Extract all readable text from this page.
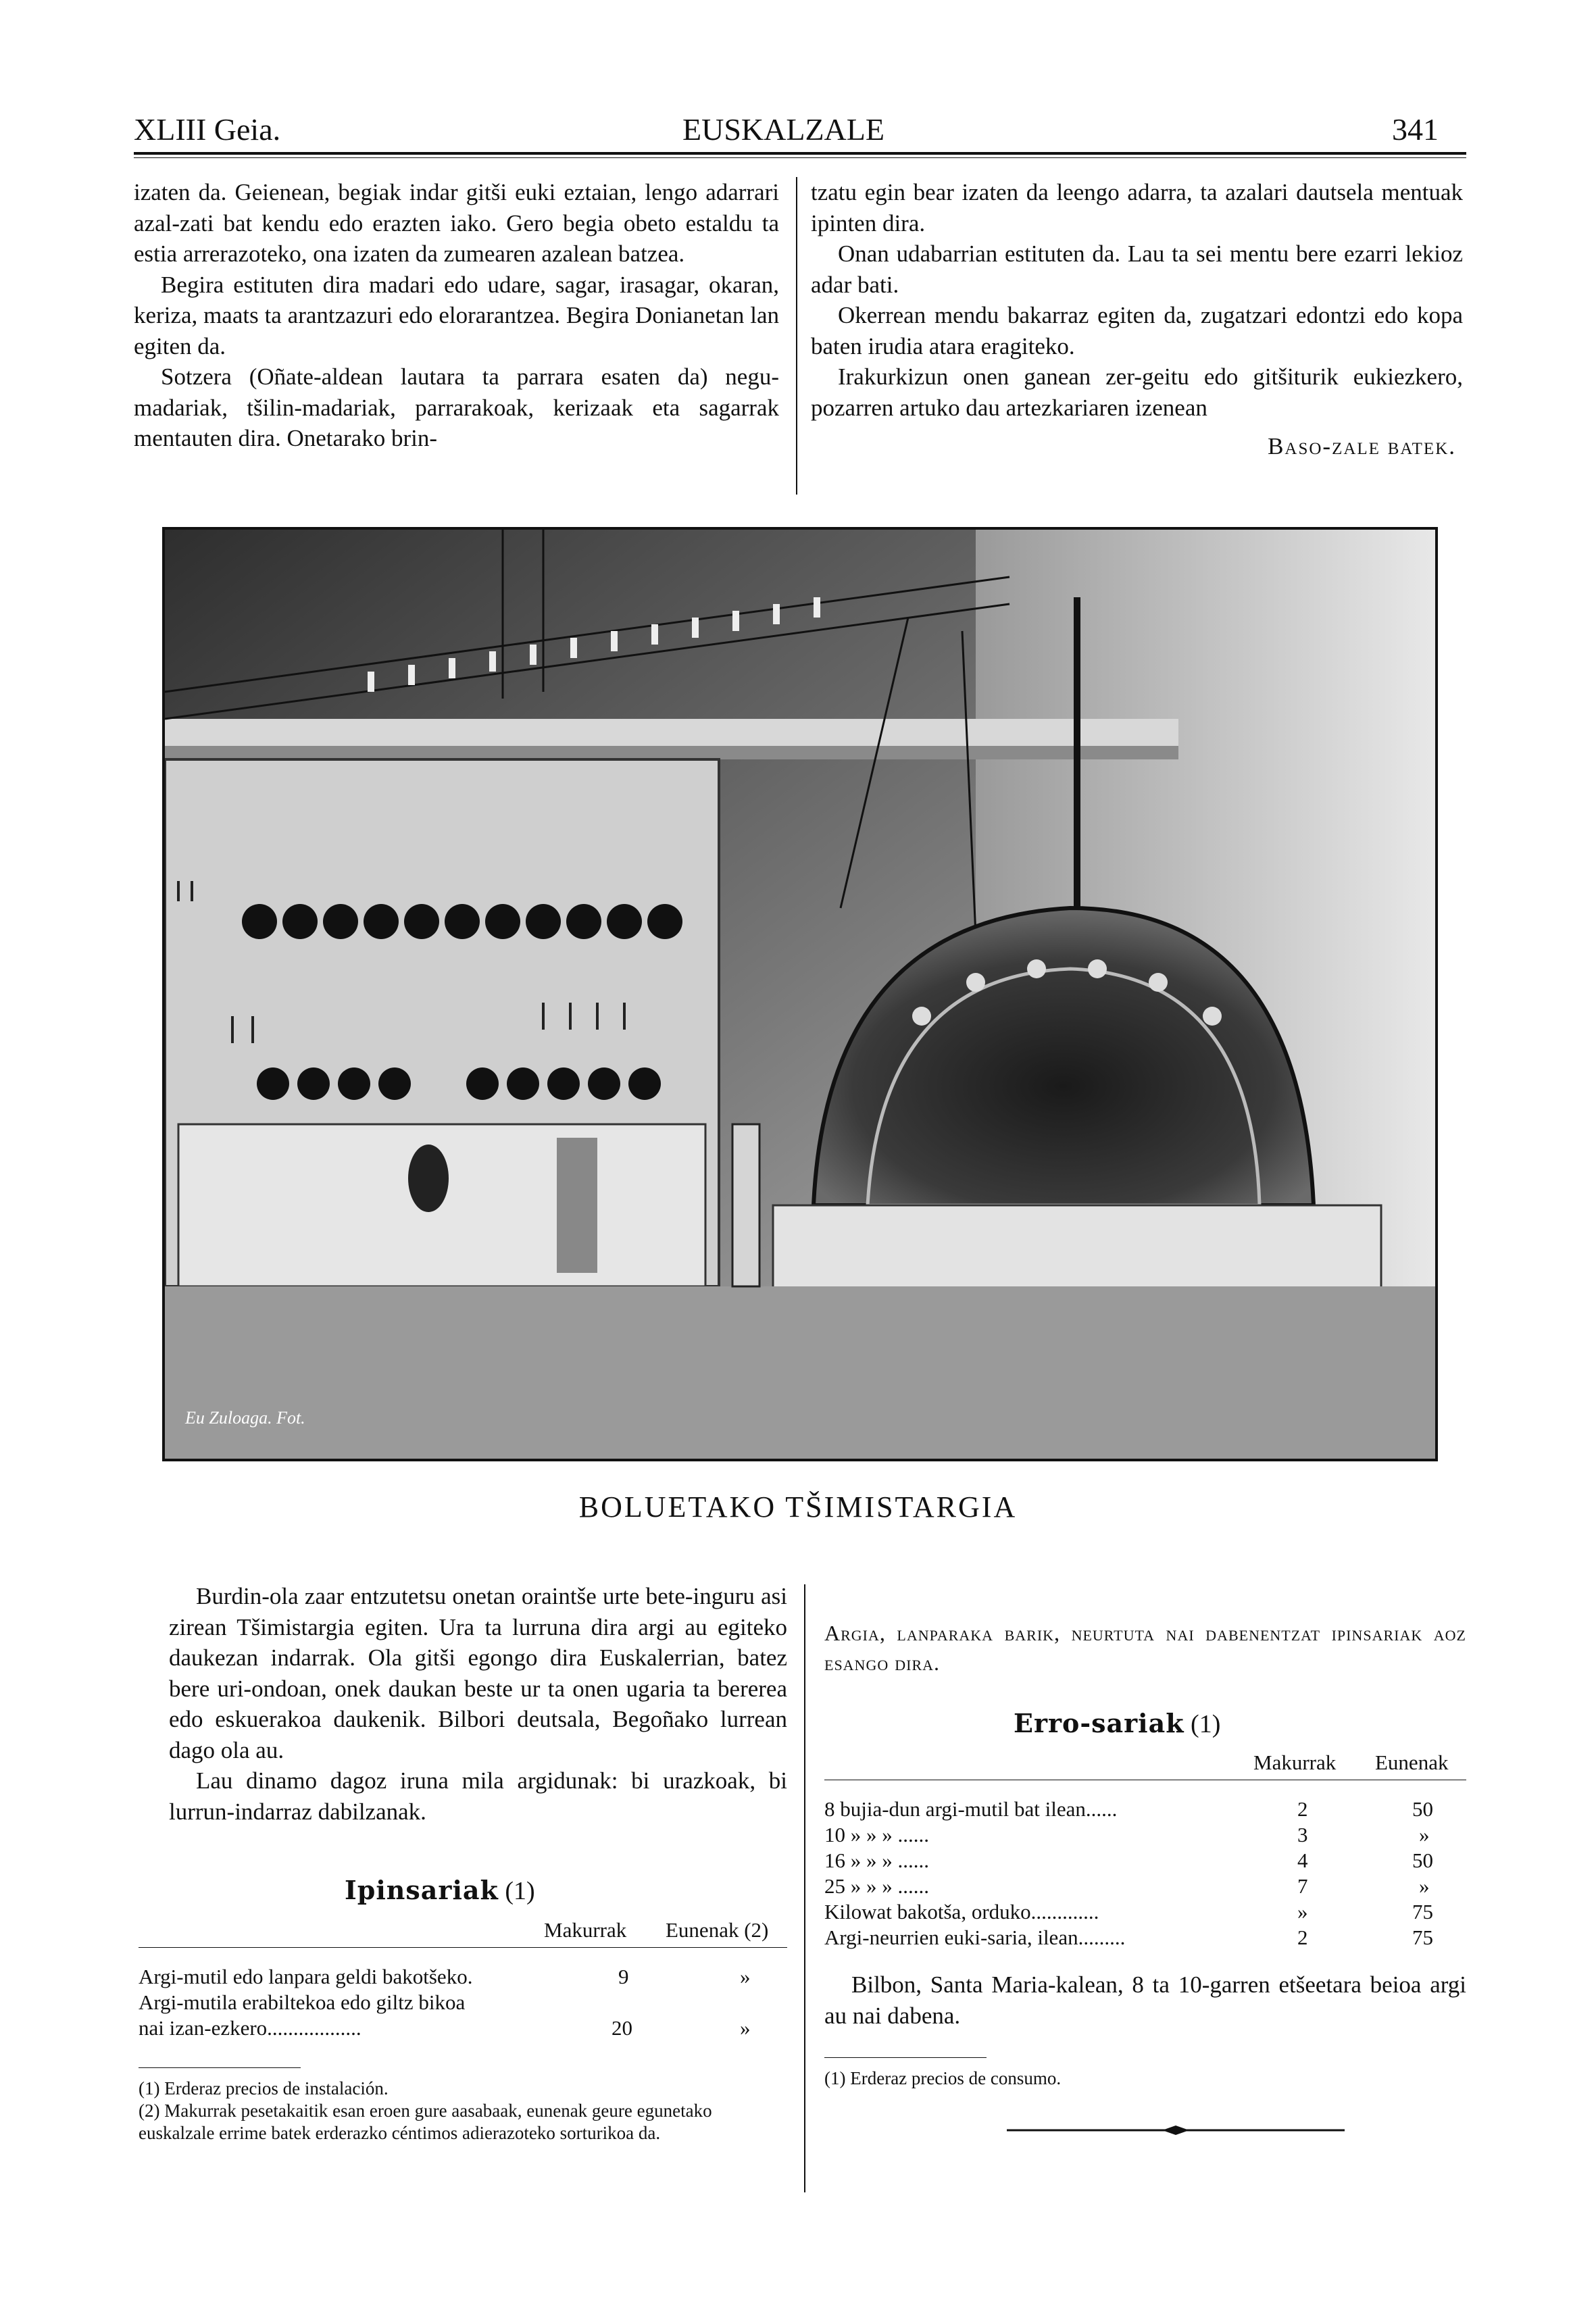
XLIII Geia.	EUSKALZALE	341

izaten da. Geienean, begiak indar gitši euki eztaian, lengo adarrari azal-zati bat kendu edo erazten iako. Gero begia obeto estaldu ta estia arrerazoteko, ona izaten da zumearen azalean batzea.

Begira estituten dira madari edo udare, sagar, irasagar, okaran, keriza, maats ta arantzazuri edo elorarantzea. Begira Donianetan lan egiten da.

Sotzera (Oñate-aldean lautara ta parrara esaten da) negu-madariak, tšilin-madariak, parrarakoak, kerizaak eta sagarrak mentauten dira. Onetarako brin-

tzatu egin bear izaten da leengo adarra, ta azalari dautsela mentuak ipinten dira.

Onan udabarrian estituten da. Lau ta sei mentu bere ezarri lekioz adar bati.

Okerrean mendu bakarraz egiten da, zugatzari edontzi edo kopa baten irudia atara eragiteko.

Irakurkizun onen ganean zer-geitu edo gitšiturik eukiezkero, pozarren artuko dau artezkariaren izenean

Baso-zale batek.

Eu Zuloaga. Fot.
BOLUETAKO TŠIMISTARGIA

Burdin-ola zaar entzutetsu onetan oraintše urte bete-inguru asi zirean Tšimistargia egiten. Ura ta lurruna dira argi au egiteko daukezan indarrak. Ola gitši egongo dira Euskalerrian, batez bere uri-ondoan, onek daukan beste ur ta onen ugaria ta bererea edo eskuerakoa daukenik. Bilbori deutsala, Begoñako lurrean dago ola au.

Lau dinamo dagoz iruna mila argidunak: bi urazkoak, bi lurrun-indarraz dabilzanak.

Ipinsariak (1)
Makurrak Eunenak (2)
Argi-mutil edo lanpara geldi bakotšeko.	9	»
Argi-mutila erabiltekoa edo giltz bikoa
nai izan-ezkero..................	20	»
(1) Erderaz precios de instalación.
(2) Makurrak pesetakaitik esan eroen gure aasabaak, eunenak geure egunetako euskalzale errime batek erderazko céntimos adierazoteko sorturikoa da.
Argia, lanparaka barik, neurtuta nai dabenentzat ipinsariak aoz esango dira.
Erro-sariak (1)
Makurrak Eunenak
8 bujia-dun argi-mutil bat ilean......	2	50
10 » » » ......	3	»
16 » » » ......	4	50
25 » » » ......	7	»
Kilowat bakotša, orduko.............	»	75
Argi-neurrien euki-saria, ilean.........	2	75

Bilbon, Santa Maria-kalean, 8 ta 10-garren etšeetara beioa argi au nai dabena.

(1) Erderaz precios de consumo.
